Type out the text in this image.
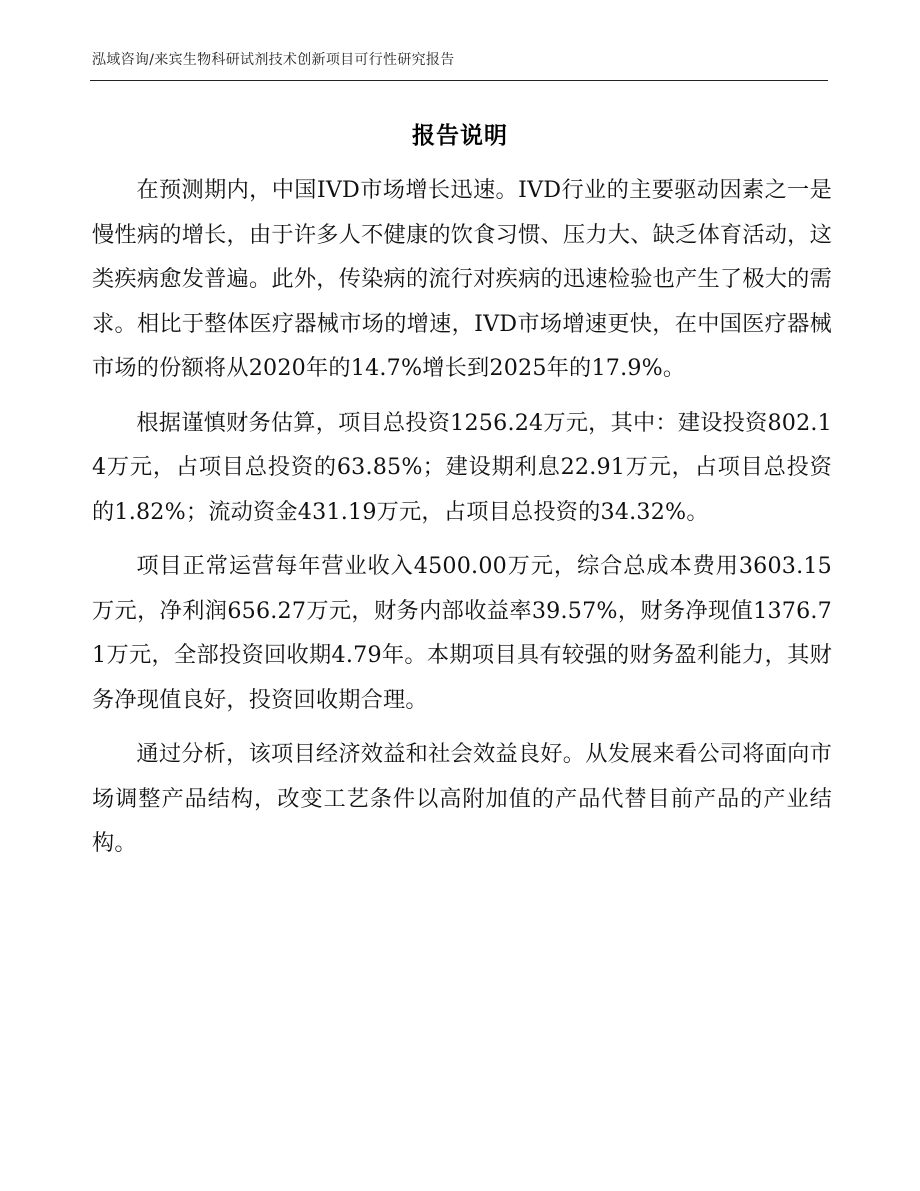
泓域咨询/来宾生物科研试剂技术创新项目可行性研究报告
报告说明

在预测期内，中国IVD市场增长迅速。IVD行业的主要驱动因素之一是慢性病的增长，由于许多人不健康的饮食习惯、压力大、缺乏体育活动，这类疾病愈发普遍。此外，传染病的流行对疾病的迅速检验也产生了极大的需求。相比于整体医疗器械市场的增速，IVD市场增速更快，在中国医疗器械市场的份额将从2020年的14.7%增长到2025年的17.9%。

根据谨慎财务估算，项目总投资1256.24万元，其中：建设投资802.14万元，占项目总投资的63.85%；建设期利息22.91万元，占项目总投资的1.82%；流动资金431.19万元，占项目总投资的34.32%。

项目正常运营每年营业收入4500.00万元，综合总成本费用3603.15万元，净利润656.27万元，财务内部收益率39.57%，财务净现值1376.71万元，全部投资回收期4.79年。本期项目具有较强的财务盈利能力，其财务净现值良好，投资回收期合理。

通过分析，该项目经济效益和社会效益良好。从发展来看公司将面向市场调整产品结构，改变工艺条件以高附加值的产品代替目前产品的产业结构。
